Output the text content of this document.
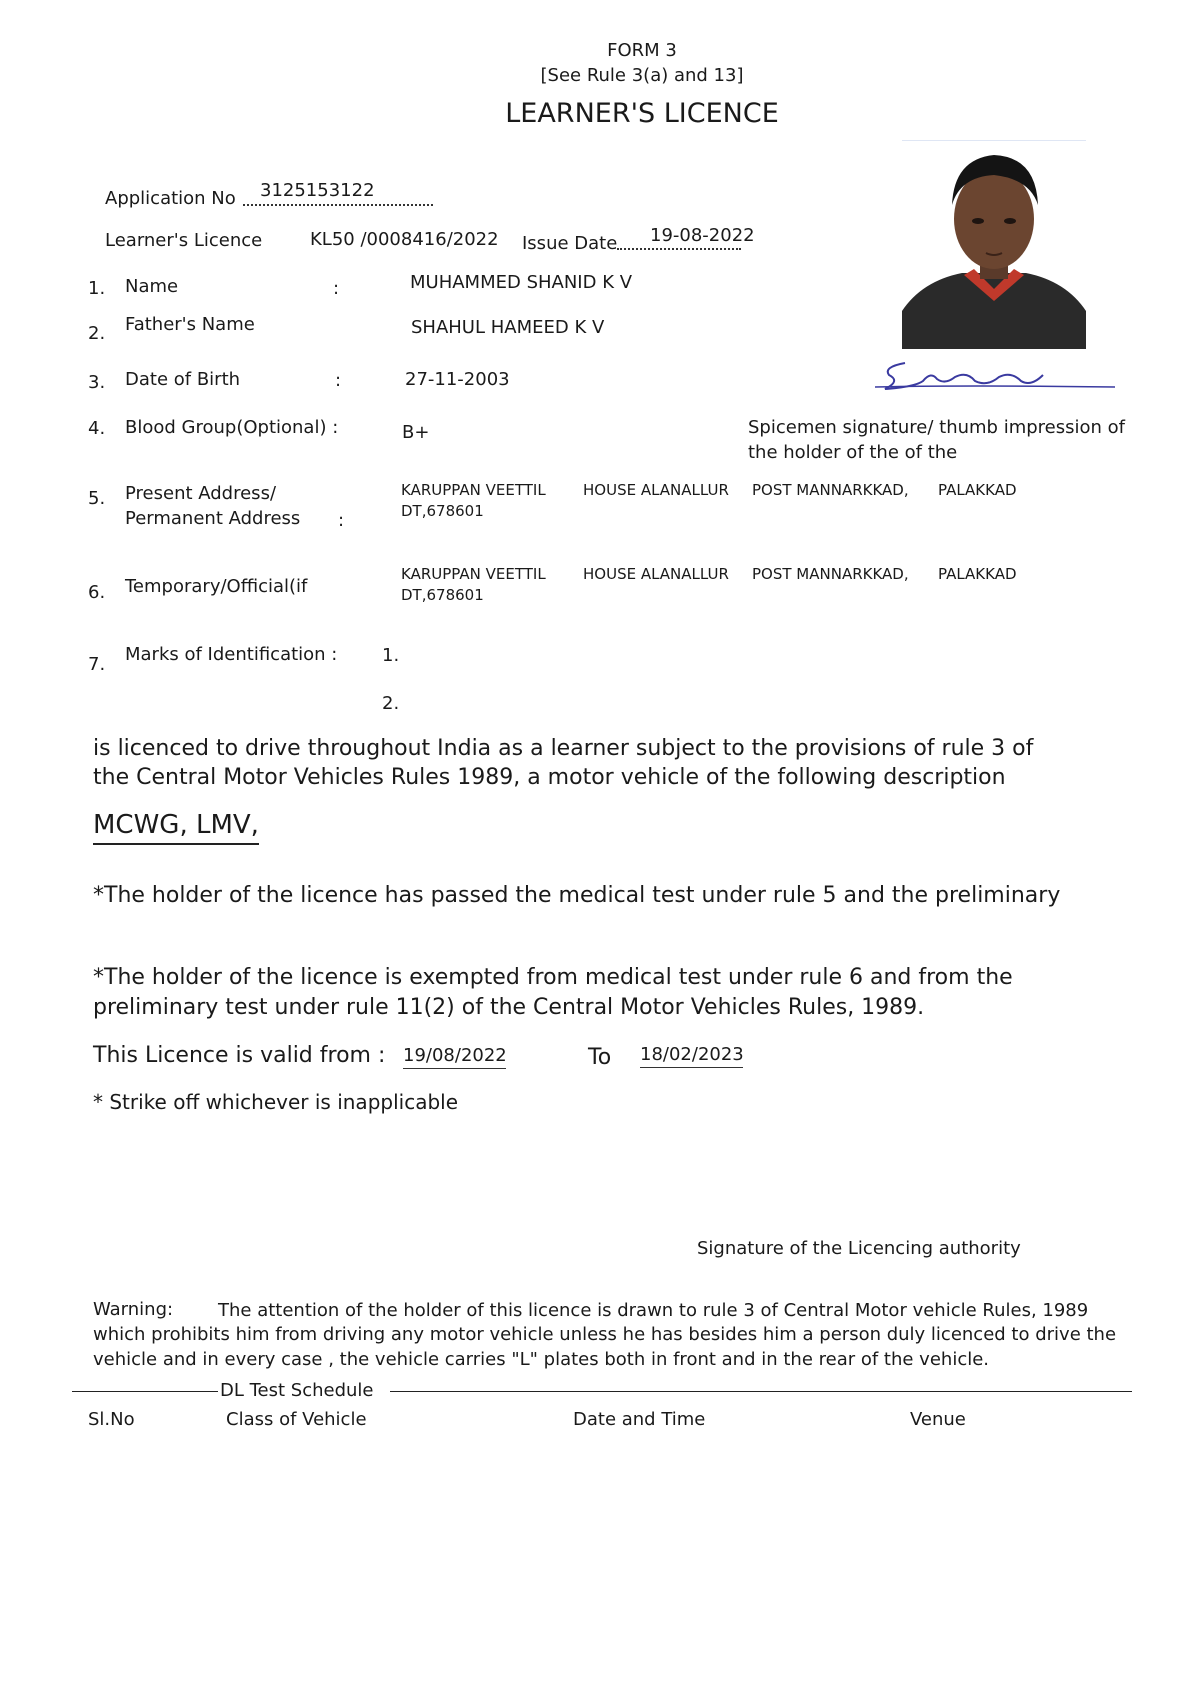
FORM 3
[See Rule 3(a) and 13]
LEARNER'S LICENCE
Application No 3125153122
Learner's Licence	KL50 /0008416/2022 Issue Date 19-08-2022
1. Name	:	MUHAMMED SHANID K V
2. Father's Name	SHAHUL HAMEED K V
3. Date of Birth	:	27-11-2003
4. Blood Group(Optional) :	B+	Spicemen signature/ thumb impression of
the holder of the of the
5. Present Address/
Permanent Address :
KARUPPAN VEETTIL HOUSE ALANALLUR POST MANNARKKAD, PALAKKAD
DT,678601
6. Temporary/Official(if
KARUPPAN VEETTIL HOUSE ALANALLUR POST MANNARKKAD, PALAKKAD
DT,678601
7. Marks of Identification : 1.
2.
is licenced to drive throughout India as a learner subject to the provisions of rule 3 of
the Central Motor Vehicles Rules 1989, a motor vehicle of the following description
MCWG, LMV,
*The holder of the licence has passed the medical test under rule 5 and the preliminary
*The holder of the licence is exempted from medical test under rule 6 and from the
preliminary test under rule 11(2) of the Central Motor Vehicles Rules, 1989.
This Licence is valid from : 19/08/2022	To 18/02/2023
* Strike off whichever is inapplicable
Signature of the Licencing authority
Warning: The attention of the holder of this licence is drawn to rule 3 of Central Motor vehicle Rules, 1989
which prohibits him from driving any motor vehicle unless he has besides him a person duly licenced to drive the
vehicle and in every case , the vehicle carries "L" plates both in front and in the rear of the vehicle.
DL Test Schedule
Sl.No	Class of Vehicle	Date and Time	Venue
